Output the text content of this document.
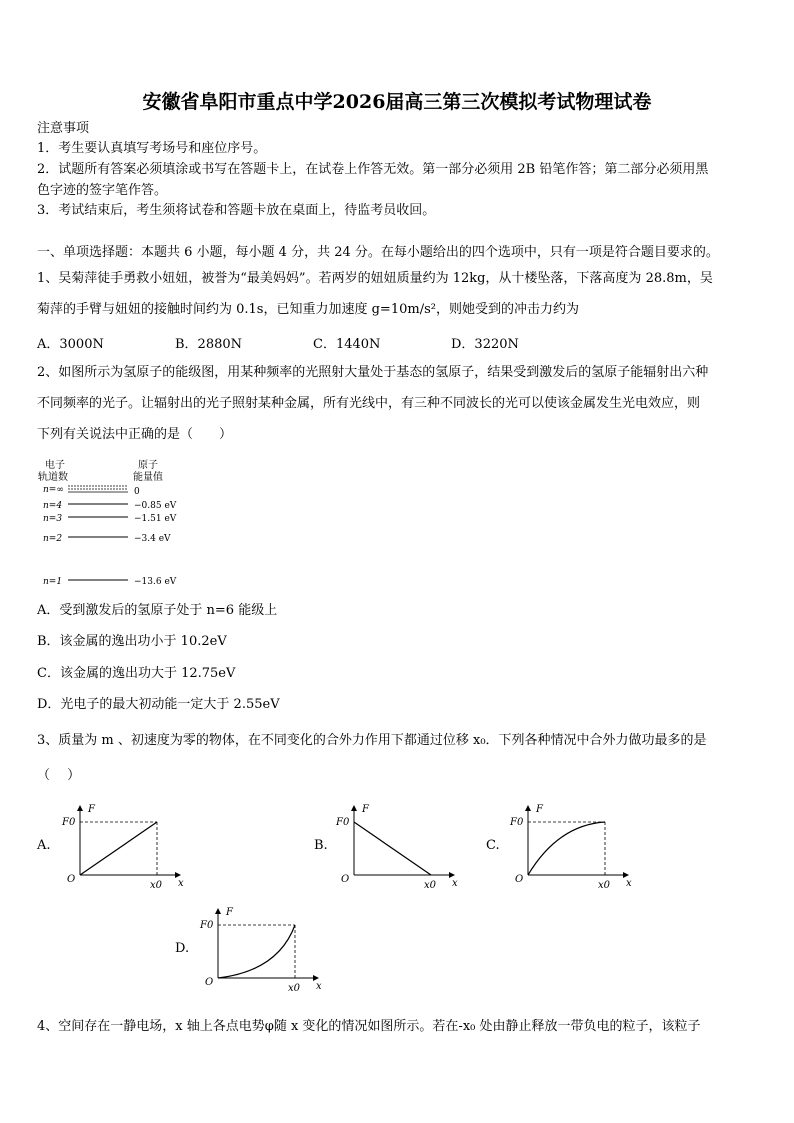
安徽省阜阳市重点中学2026届高三第三次模拟考试物理试卷
注意事项
1．考生要认真填写考场号和座位序号。
2．试题所有答案必须填涂或书写在答题卡上，在试卷上作答无效。第一部分必须用 2B 铅笔作答；第二部分必须用黑
色字迹的签字笔作答。
3．考试结束后，考生须将试卷和答题卡放在桌面上，待监考员收回。
一、单项选择题：本题共 6 小题，每小题 4 分，共 24 分。在每小题给出的四个选项中，只有一项是符合题目要求的。
1、吴菊萍徒手勇救小妞妞，被誉为“最美妈妈”。若两岁的妞妞质量约为 12kg，从十楼坠落，下落高度为 28.8m，吴
菊萍的手臂与妞妞的接触时间约为 0.1s，已知重力加速度 g=10m/s²，则她受到的冲击力约为
A．3000N	B．2880N	C．1440N	D．3220N
2、如图所示为氢原子的能级图，用某种频率的光照射大量处于基态的氢原子，结果受到激发后的氢原子能辐射出六种
不同频率的光子。让辐射出的光子照射某种金属，所有光线中，有三种不同波长的光可以使该金属发生光电效应，则
下列有关说法中正确的是（　　）
电子
轨道数
原子
能量值
n=∞	0
n=4	−0.85 eV
n=3	−1.51 eV
n=2	−3.4 eV
n=1	−13.6 eV
A．受到激发后的氢原子处于 n=6 能级上
B．该金属的逸出功小于 10.2eV
C．该金属的逸出功大于 12.75eV
D．光电子的最大初动能一定大于 2.55eV
3、质量为 m 、初速度为零的物体，在不同变化的合外力作用下都通过位移 x₀．下列各种情况中合外力做功最多的是
（　 ）
A.
F
F0
O
x0 x
B.
F
F0
O
x0 x
C.
F
F0
O
x0 x
D.
F
F0
O
x0 x
4、空间存在一静电场，x 轴上各点电势φ随 x 变化的情况如图所示。若在-x₀ 处由静止释放一带负电的粒子，该粒子
